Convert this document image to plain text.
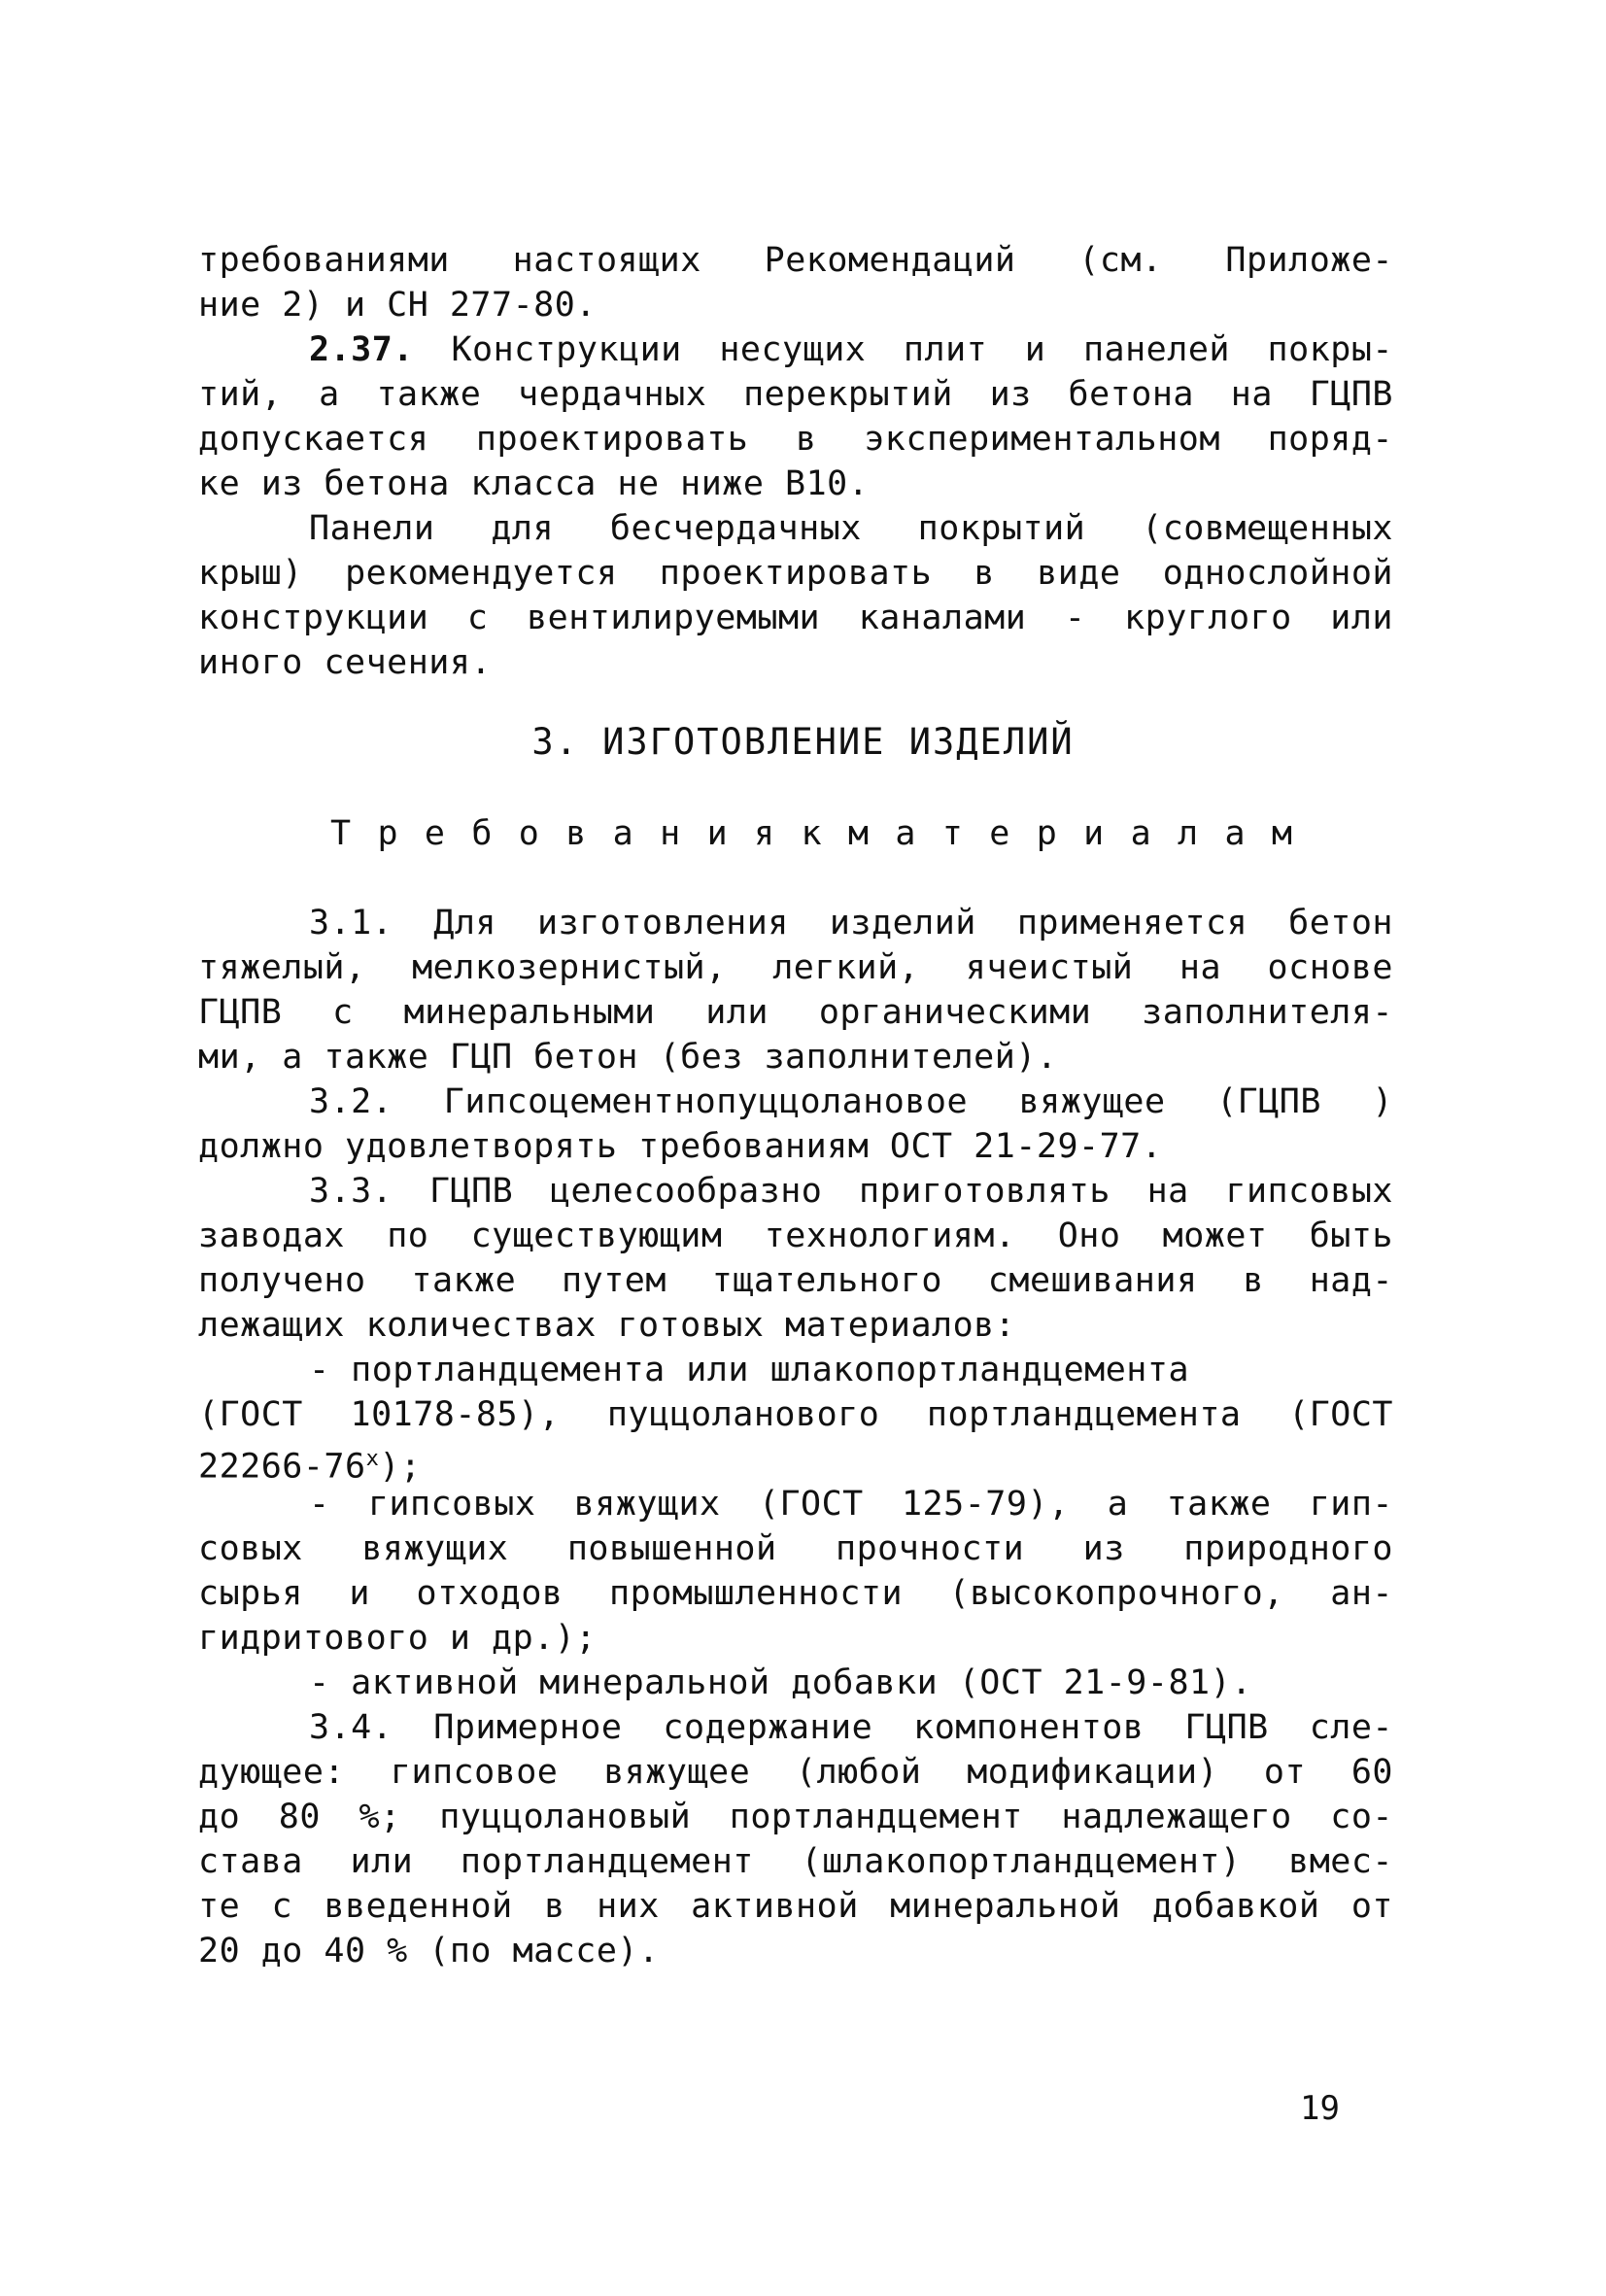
требованиями настоящих Рекомендаций (см. Приложе-
ние 2) и СН 277-80.
2.37. Конструкции несущих плит и панелей покры-
тий, а также чердачных перекрытий из бетона на ГЦПВ
допускается проектировать в экспериментальном поряд-
ке из бетона класса не ниже В10.
Панели для бесчердачных покрытий (совмещенных
крыш) рекомендуется проектировать в виде однослойной
конструкции с вентилируемыми каналами - круглого или
иного сечения.
3. ИЗГОТОВЛЕНИЕ ИЗДЕЛИЙ
Т р е б о в а н и я к м а т е р и а л а м
3.1. Для изготовления изделий применяется бетон
тяжелый, мелкозернистый, легкий, ячеистый на основе
ГЦПВ с минеральными или органическими заполнителя-
ми, а также ГЦП бетон (без заполнителей).
3.2. Гипсоцементнопуццолановое вяжущее (ГЦПВ )
должно удовлетворять требованиям ОСТ 21-29-77.
3.3. ГЦПВ целесообразно приготовлять на гипсовых
заводах по существующим технологиям. Оно может быть
получено также путем тщательного смешивания в над-
лежащих количествах готовых материалов:
- портландцемента или шлакопортландцемента
(ГОСТ 10178-85), пуццоланового портландцемента (ГОСТ
$22266-76^х$);
- гипсовых вяжущих (ГОСТ 125-79), а также гип-
совых вяжущих повышенной прочности из природного
сырья и отходов промышленности (высокопрочного, ан-
гидритового и др.);
- активной минеральной добавки (ОСТ 21-9-81).
3.4. Примерное содержание компонентов ГЦПВ сле-
дующее: гипсовое вяжущее (любой модификации) от 60
до 80 %; пуццолановый портландцемент надлежащего со-
става или портландцемент (шлакопортландцемент) вмес-
те с введенной в них активной минеральной добавкой от
20 до 40 % (по массе).
19
